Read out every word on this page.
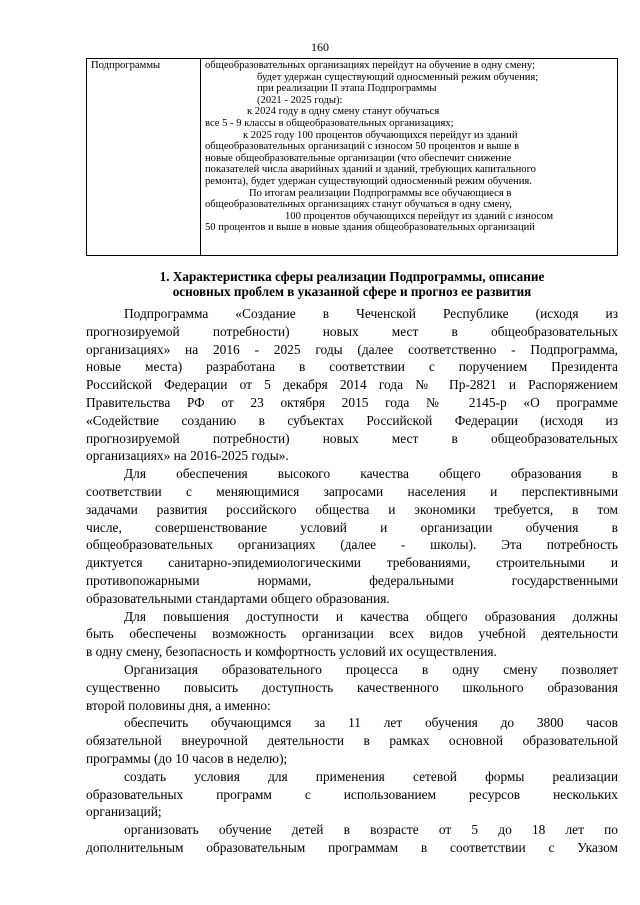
160
Подпрограммы	общеобразовательных организациях перейдут на обучение в одну смену;
будет удержан существующий односменный режим обучения;
при реализации II этапа Подпрограммы
(2021 - 2025 годы):
к 2024 году в одну смену станут обучаться
все 5 - 9 классы в общеобразовательных организациях;
к 2025 году 100 процентов обучающихся перейдут из зданий
общеобразовательных организаций с износом 50 процентов и выше в
новые общеобразовательные организации (что обеспечит снижение
показателей числа аварийных зданий и зданий, требующих капитального
ремонта), будет удержан существующий односменный режим обучения.
По итогам реализации Подпрограммы все обучающиеся в
общеобразовательных организациях станут обучаться в одну смену,
100 процентов обучающихся перейдут из зданий с износом
50 процентов и выше в новые здания общеобразовательных организаций
1. Характеристика сферы реализации Подпрограммы, описание
основных проблем в указанной сфере и прогноз ее развития
Подпрограмма «Создание в Чеченской Республике (исходя из
прогнозируемой потребности) новых мест в общеобразовательных
организациях» на 2016 - 2025 годы (далее соответственно - Подпрограмма,
новые места) разработана в соответствии с поручением Президента
Российской Федерации от 5 декабря 2014 года № Пр-2821 и Распоряжением
Правительства РФ от 23 октября 2015 года № 2145-р «О программе
«Содействие созданию в субъектах Российской Федерации (исходя из
прогнозируемой потребности) новых мест в общеобразовательных
организациях» на 2016-2025 годы».
Для обеспечения высокого качества общего образования в
соответствии с меняющимися запросами населения и перспективными
задачами развития российского общества и экономики требуется, в том
числе, совершенствование условий и организации обучения в
общеобразовательных организациях (далее - школы). Эта потребность
диктуется санитарно-эпидемиологическими требованиями, строительными и
противопожарными нормами, федеральными государственными
образовательными стандартами общего образования.
Для повышения доступности и качества общего образования должны
быть обеспечены возможность организации всех видов учебной деятельности
в одну смену, безопасность и комфортность условий их осуществления.
Организация образовательного процесса в одну смену позволяет
существенно повысить доступность качественного школьного образования
второй половины дня, а именно:
обеспечить обучающимся за 11 лет обучения до 3800 часов
обязательной внеурочной деятельности в рамках основной образовательной
программы (до 10 часов в неделю);
создать условия для применения сетевой формы реализации
образовательных программ с использованием ресурсов нескольких
организаций;
организовать обучение детей в возрасте от 5 до 18 лет по
дополнительным образовательным программам в соответствии с Указом
